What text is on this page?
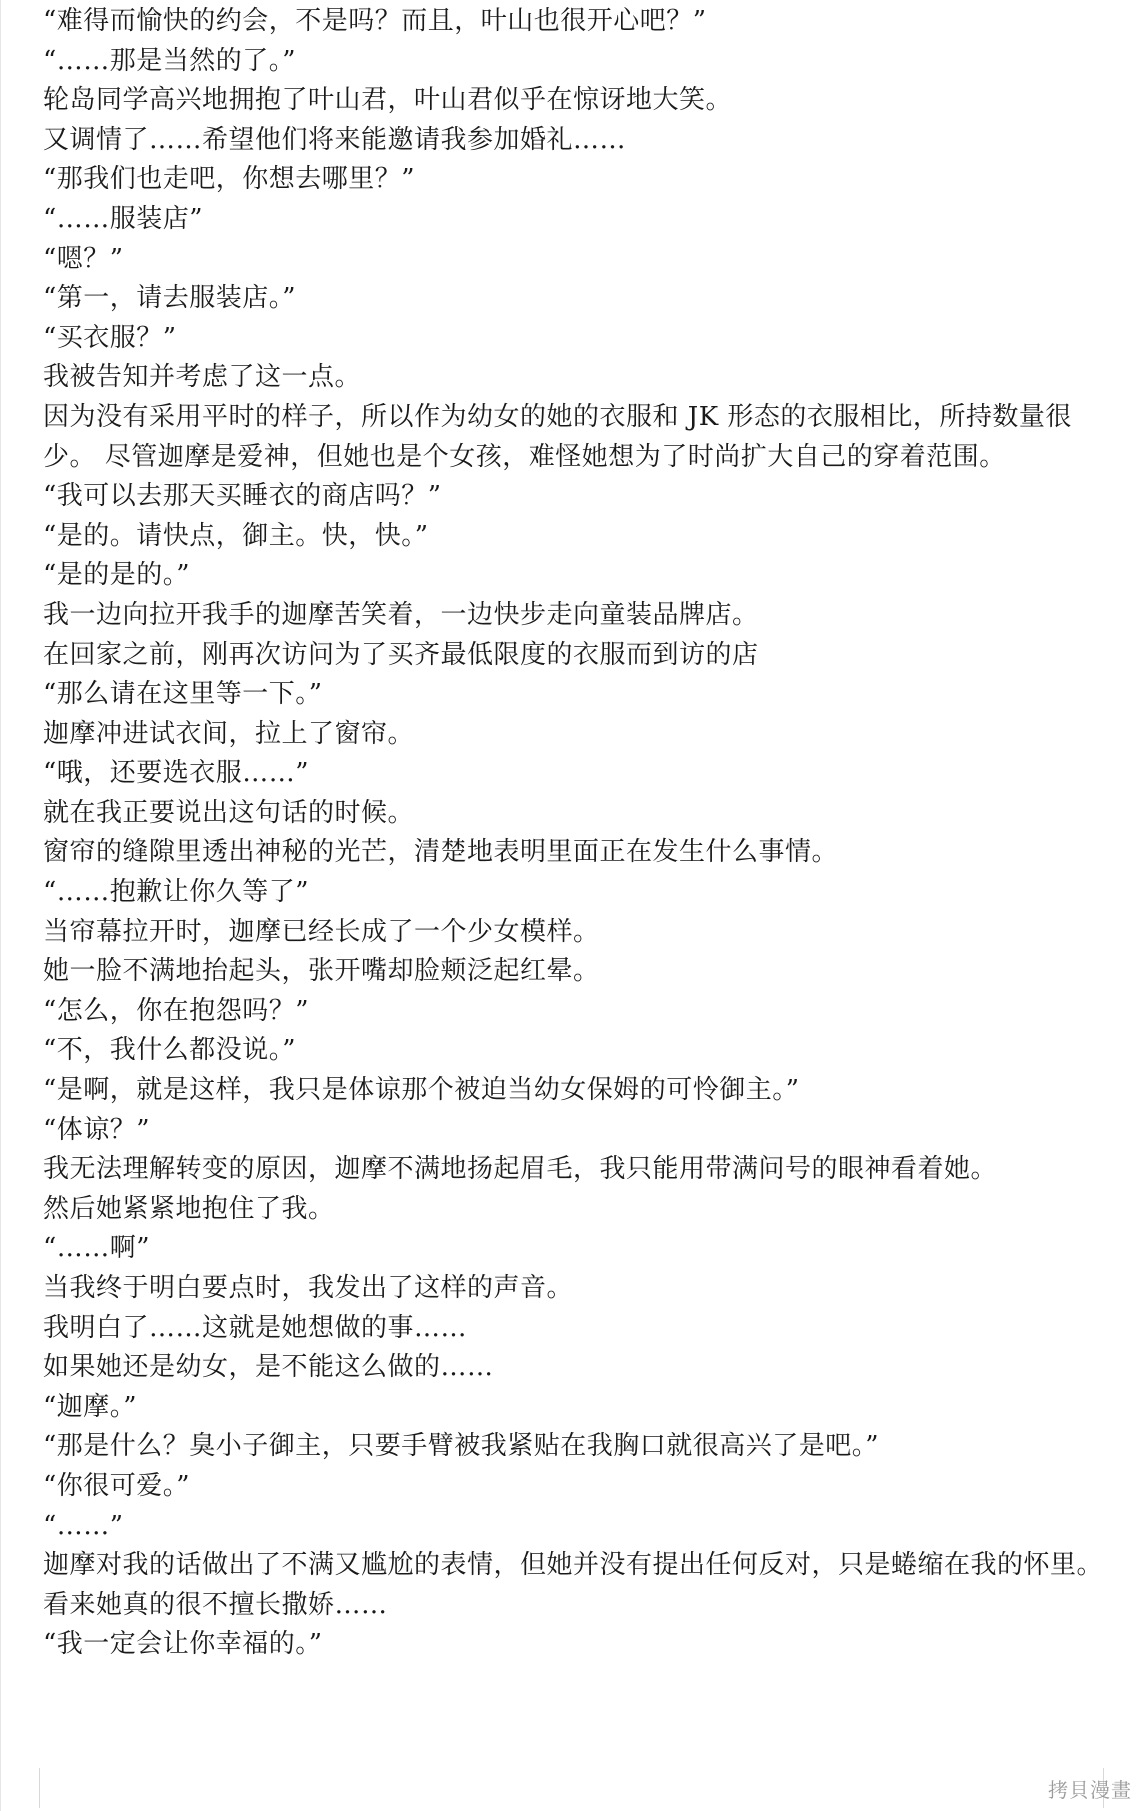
“难得而愉快的约会，不是吗？而且，叶山也很开心吧？”

“……那是当然的了。”

轮岛同学高兴地拥抱了叶山君，叶山君似乎在惊讶地大笑。

又调情了……希望他们将来能邀请我参加婚礼……

“那我们也走吧，你想去哪里？”

“……服装店”

“嗯？”

“第一，请去服装店。”

“买衣服？”

我被告知并考虑了这一点。

因为没有采用平时的样子，所以作为幼女的她的衣服和 JK 形态的衣服相比，所持数量很少。 尽管迦摩是爱神，但她也是个女孩，难怪她想为了时尚扩大自己的穿着范围。

“我可以去那天买睡衣的商店吗？”

“是的。请快点，御主。快，快。”

“是的是的。”

我一边向拉开我手的迦摩苦笑着，一边快步走向童装品牌店。

在回家之前，刚再次访问为了买齐最低限度的衣服而到访的店

“那么请在这里等一下。”

迦摩冲进试衣间，拉上了窗帘。

“哦，还要选衣服……”

就在我正要说出这句话的时候。

窗帘的缝隙里透出神秘的光芒，清楚地表明里面正在发生什么事情。

“……抱歉让你久等了”

当帘幕拉开时，迦摩已经长成了一个少女模样。

她一脸不满地抬起头，张开嘴却脸颊泛起红晕。

“怎么，你在抱怨吗？”

“不，我什么都没说。”

“是啊，就是这样，我只是体谅那个被迫当幼女保姆的可怜御主。”

“体谅？”

我无法理解转变的原因，迦摩不满地扬起眉毛，我只能用带满问号的眼神看着她。

然后她紧紧地抱住了我。

“……啊”

当我终于明白要点时，我发出了这样的声音。

我明白了……这就是她想做的事……

如果她还是幼女，是不能这么做的……

“迦摩。”

“那是什么？臭小子御主，只要手臂被我紧贴在我胸口就很高兴了是吧。”

“你很可爱。”

“……”

迦摩对我的话做出了不满又尴尬的表情，但她并没有提出任何反对，只是蜷缩在我的怀里。

看来她真的很不擅长撒娇……

“我一定会让你幸福的。”

拷貝漫畫
